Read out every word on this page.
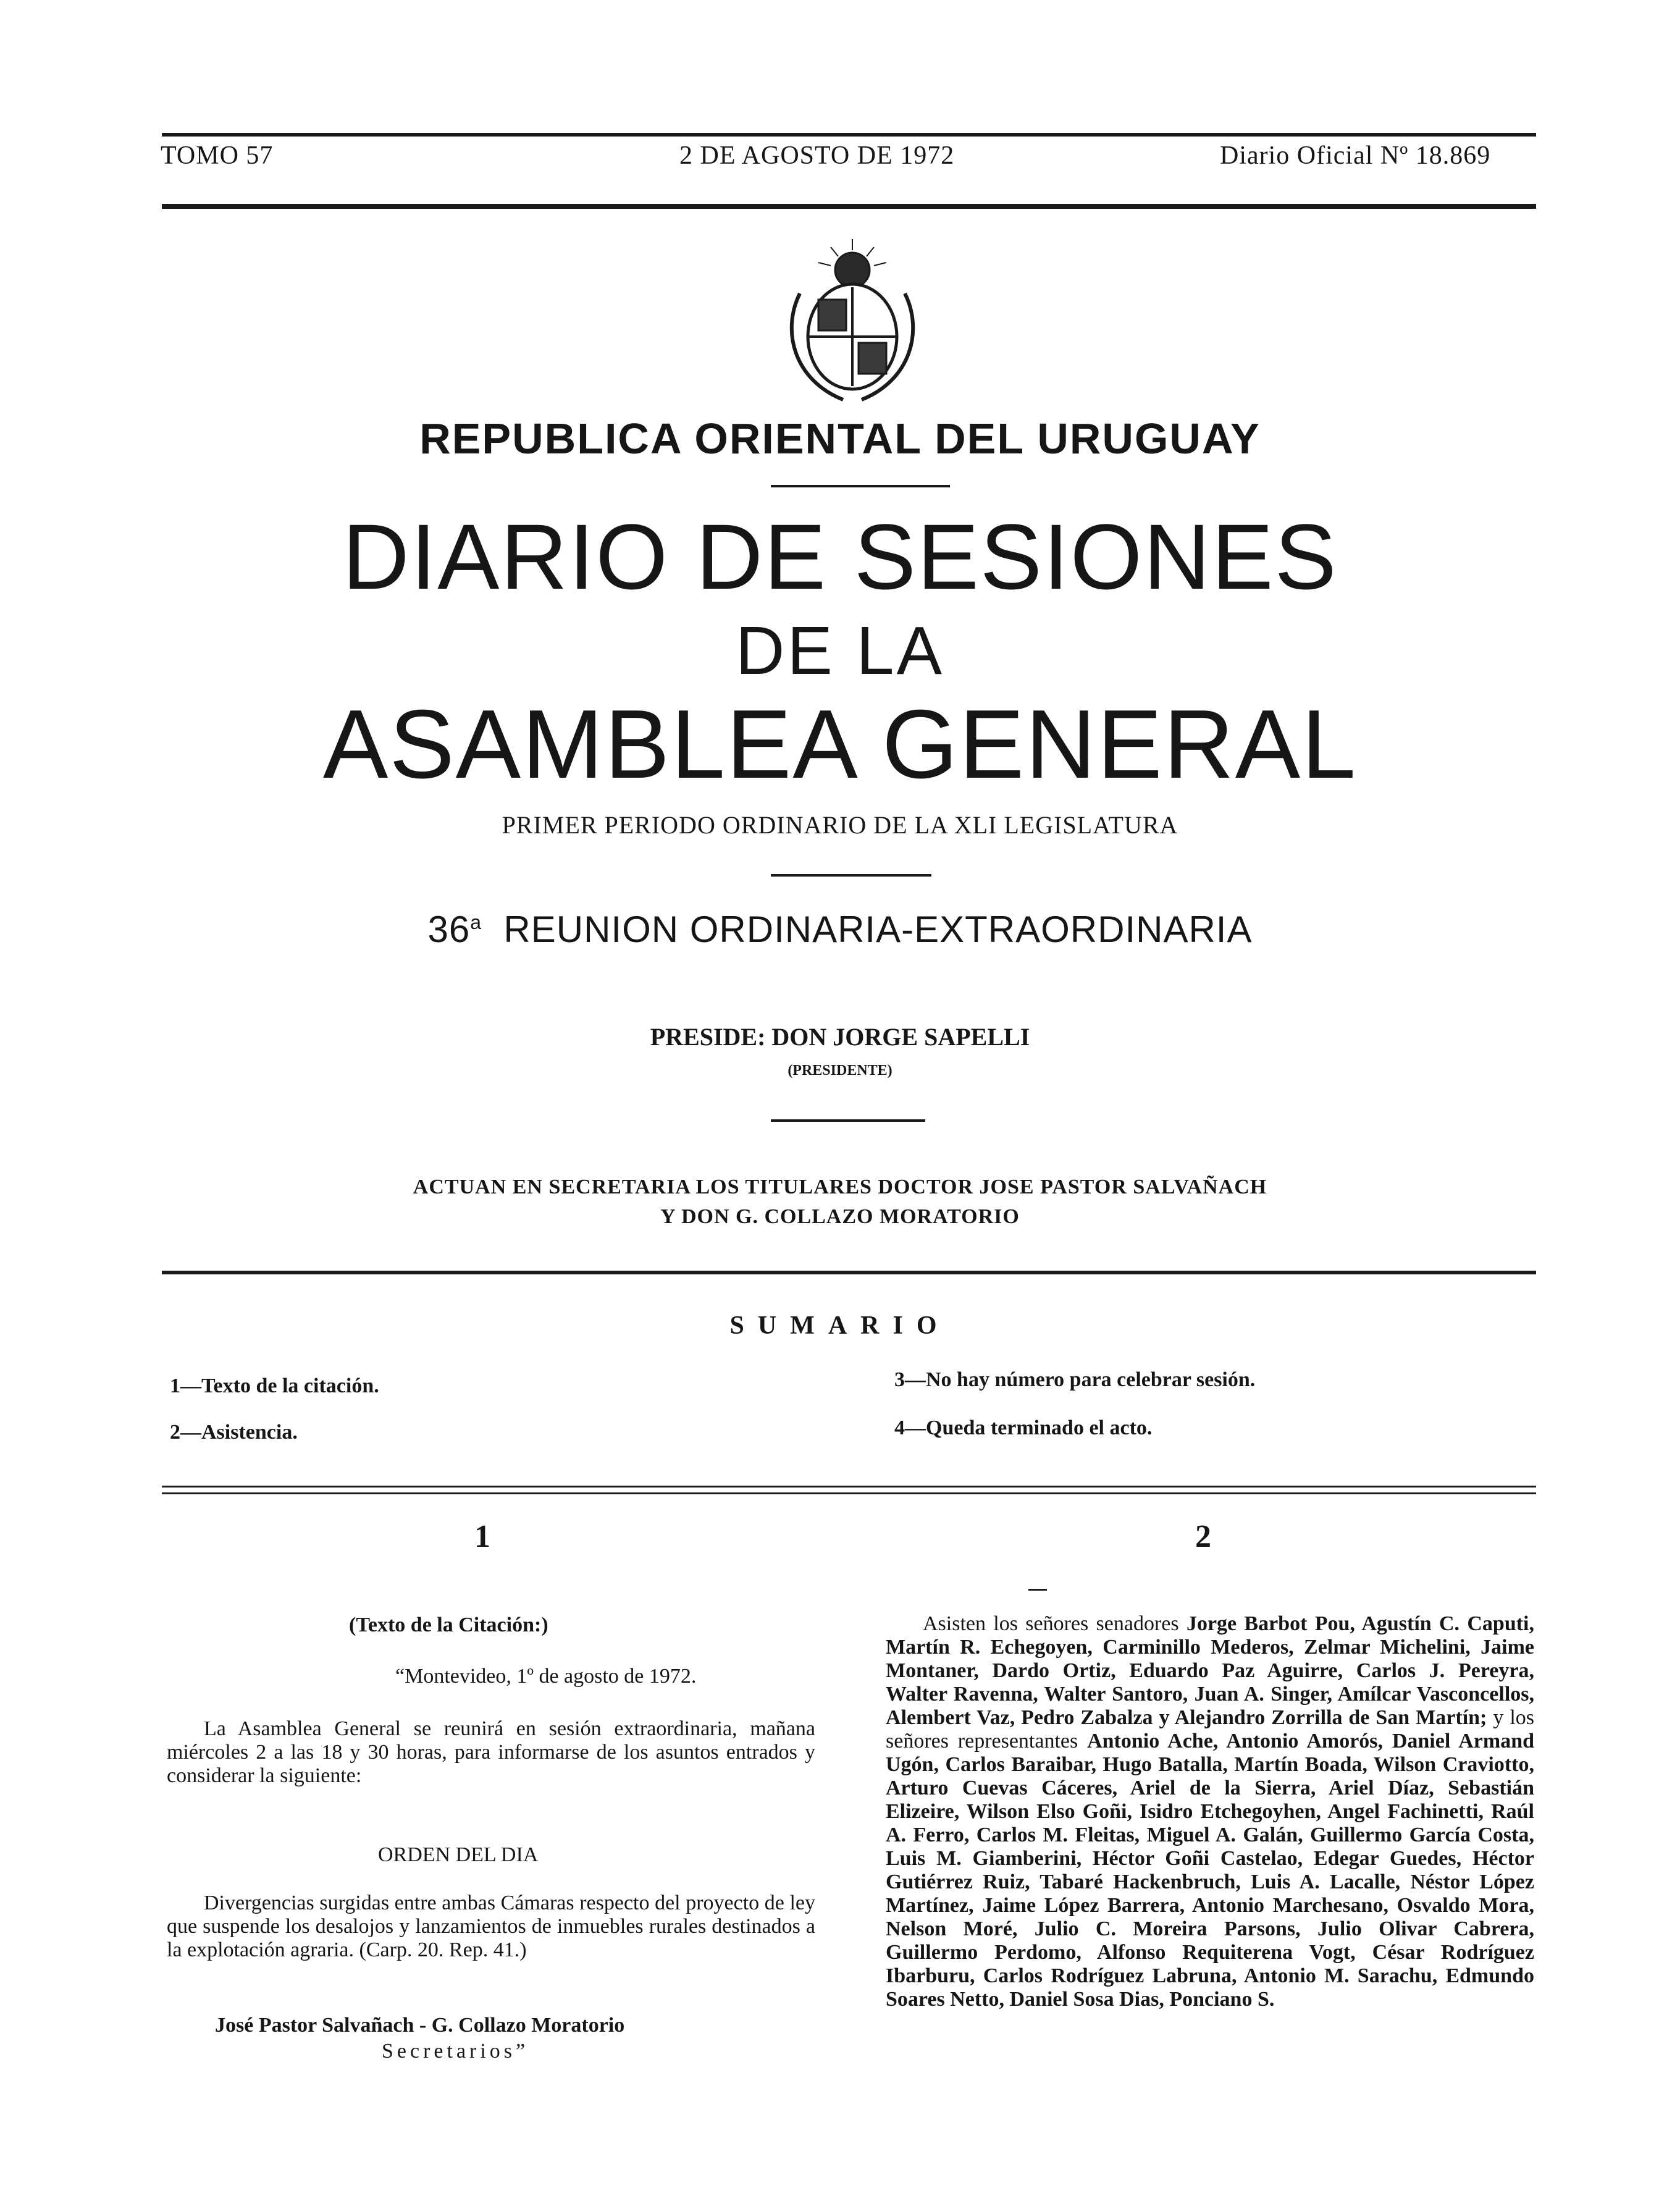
TOMO 57	2 DE AGOSTO DE 1972	Diario Oficial Nº 18.869
REPUBLICA ORIENTAL DEL URUGUAY
DIARIO DE SESIONES
DE LA
ASAMBLEA GENERAL
PRIMER PERIODO ORDINARIO DE LA XLI LEGISLATURA
36$^a$ REUNION ORDINARIA-EXTRAORDINARIA
PRESIDE: DON JORGE SAPELLI
(PRESIDENTE)
ACTUAN EN SECRETARIA LOS TITULARES DOCTOR JOSE PASTOR SALVAÑACH
Y DON G. COLLAZO MORATORIO
SUMARIO
1—Texto de la citación.
2—Asistencia.
3—No hay número para celebrar sesión.
4—Queda terminado el acto.
1
(Texto de la Citación:)
“Montevideo, 1º de agosto de 1972.
La Asamblea General se reunirá en sesión extraordinaria, mañana miércoles 2 a las 18 y 30 horas, para informarse de los asuntos entrados y considerar la siguiente:
ORDEN DEL DIA
Divergencias surgidas entre ambas Cámaras respecto del proyecto de ley que suspende los desalojos y lanzamientos de inmuebles rurales destinados a la explotación agraria. (Carp. 20. Rep. 41.)
José Pastor Salvañach - G. Collazo Moratorio
Secretarios”
2
Asisten los señores senadores Jorge Barbot Pou, Agustín C. Caputi, Martín R. Echegoyen, Carminillo Mederos, Zelmar Michelini, Jaime Montaner, Dardo Ortiz, Eduardo Paz Aguirre, Carlos J. Pereyra, Walter Ravenna, Walter Santoro, Juan A. Singer, Amílcar Vasconcellos, Alembert Vaz, Pedro Zabalza y Alejandro Zorrilla de San Martín; y los señores representantes Antonio Ache, Antonio Amorós, Daniel Armand Ugón, Carlos Baraibar, Hugo Batalla, Martín Boada, Wilson Craviotto, Arturo Cuevas Cáceres, Ariel de la Sierra, Ariel Díaz, Sebastián Elizeire, Wilson Elso Goñi, Isidro Etchegoyhen, Angel Fachinetti, Raúl A. Ferro, Carlos M. Fleitas, Miguel A. Galán, Guillermo García Costa, Luis M. Giamberini, Héctor Goñi Castelao, Edegar Guedes, Héctor Gutiérrez Ruiz, Tabaré Hackenbruch, Luis A. Lacalle, Néstor López Martínez, Jaime López Barrera, Antonio Marchesano, Osvaldo Mora, Nelson Moré, Julio C. Moreira Parsons, Julio Olivar Cabrera, Guillermo Perdomo, Alfonso Requiterena Vogt, César Rodríguez Ibarburu, Carlos Rodríguez Labruna, Antonio M. Sarachu, Edmundo Soares Netto, Daniel Sosa Dias, Ponciano S.
